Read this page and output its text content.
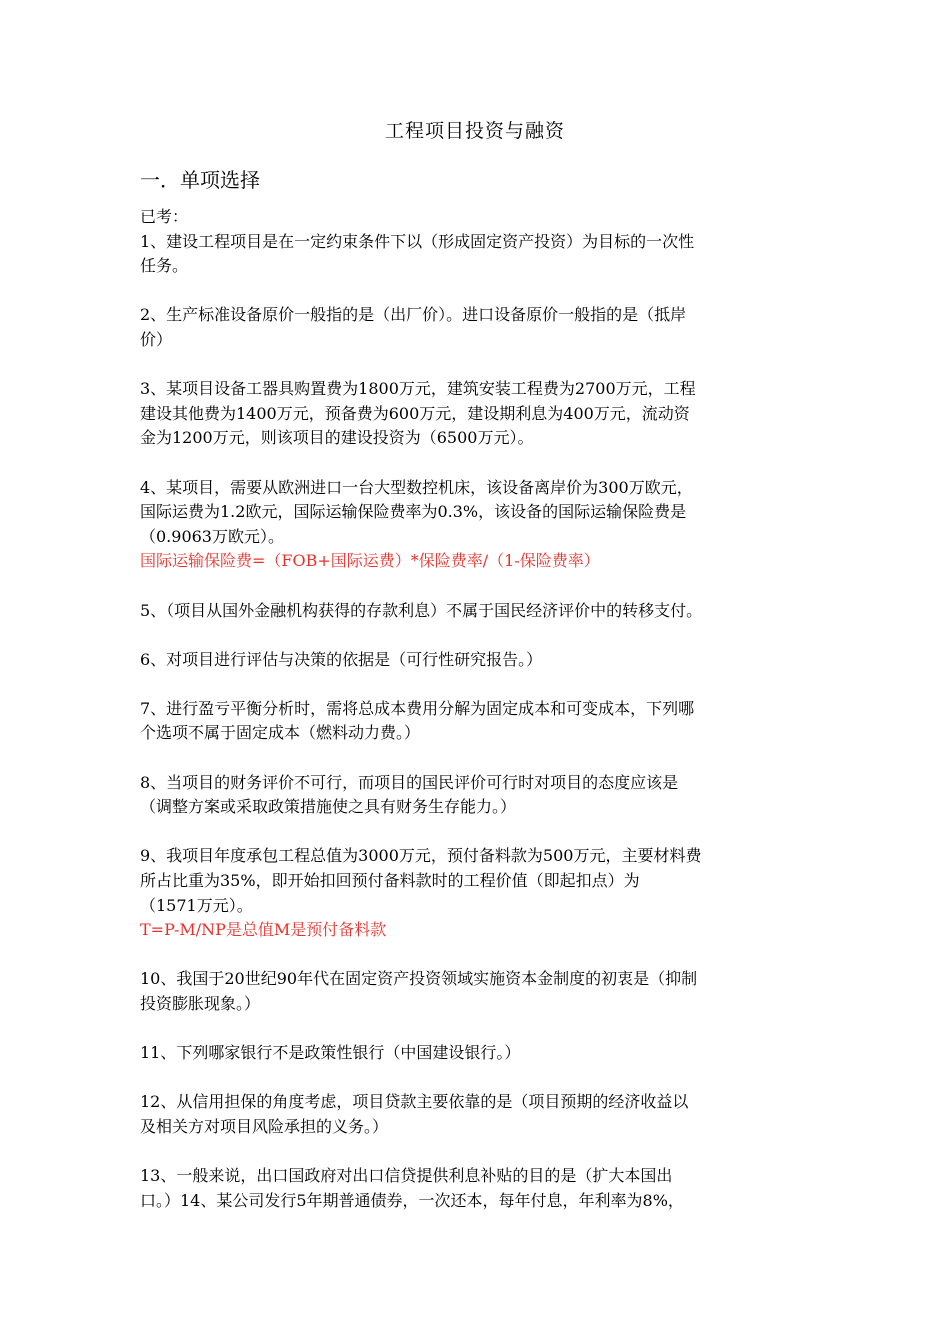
工程项目投资与融资
一．单项选择

已考：

1、建设工程项目是在一定约束条件下以（形成固定资产投资）为目标的一次性

任务。

2、生产标准设备原价一般指的是（出厂价）。进口设备原价一般指的是（抵岸

价）

3、某项目设备工器具购置费为1800万元，建筑安装工程费为2700万元，工程

建设其他费为1400万元，预备费为600万元，建设期利息为400万元，流动资

金为1200万元，则该项目的建设投资为（6500万元）。

4、某项目，需要从欧洲进口一台大型数控机床，该设备离岸价为300万欧元，

国际运费为1.2欧元，国际运输保险费率为0.3%，该设备的国际运输保险费是

（0.9063万欧元）。

国际运输保险费=（FOB+国际运费）*保险费率/（1-保险费率）

5、（项目从国外金融机构获得的存款利息）不属于国民经济评价中的转移支付。

6、对项目进行评估与决策的依据是（可行性研究报告。）

7、进行盈亏平衡分析时，需将总成本费用分解为固定成本和可变成本，下列哪

个选项不属于固定成本（燃料动力费。）

8、当项目的财务评价不可行，而项目的国民评价可行时对项目的态度应该是

（调整方案或采取政策措施使之具有财务生存能力。）

9、我项目年度承包工程总值为3000万元，预付备料款为500万元，主要材料费

所占比重为35%，即开始扣回预付备料款时的工程价值（即起扣点）为

（1571万元）。

T=P-M/NP是总值M是预付备料款

10、我国于20世纪90年代在固定资产投资领域实施资本金制度的初衷是（抑制

投资膨胀现象。）

11、下列哪家银行不是政策性银行（中国建设银行。）

12、从信用担保的角度考虑，项目贷款主要依靠的是（项目预期的经济收益以

及相关方对项目风险承担的义务。）

13、一般来说，出口国政府对出口信贷提供利息补贴的目的是（扩大本国出

口。）14、某公司发行5年期普通债券，一次还本，每年付息，年利率为8%，
